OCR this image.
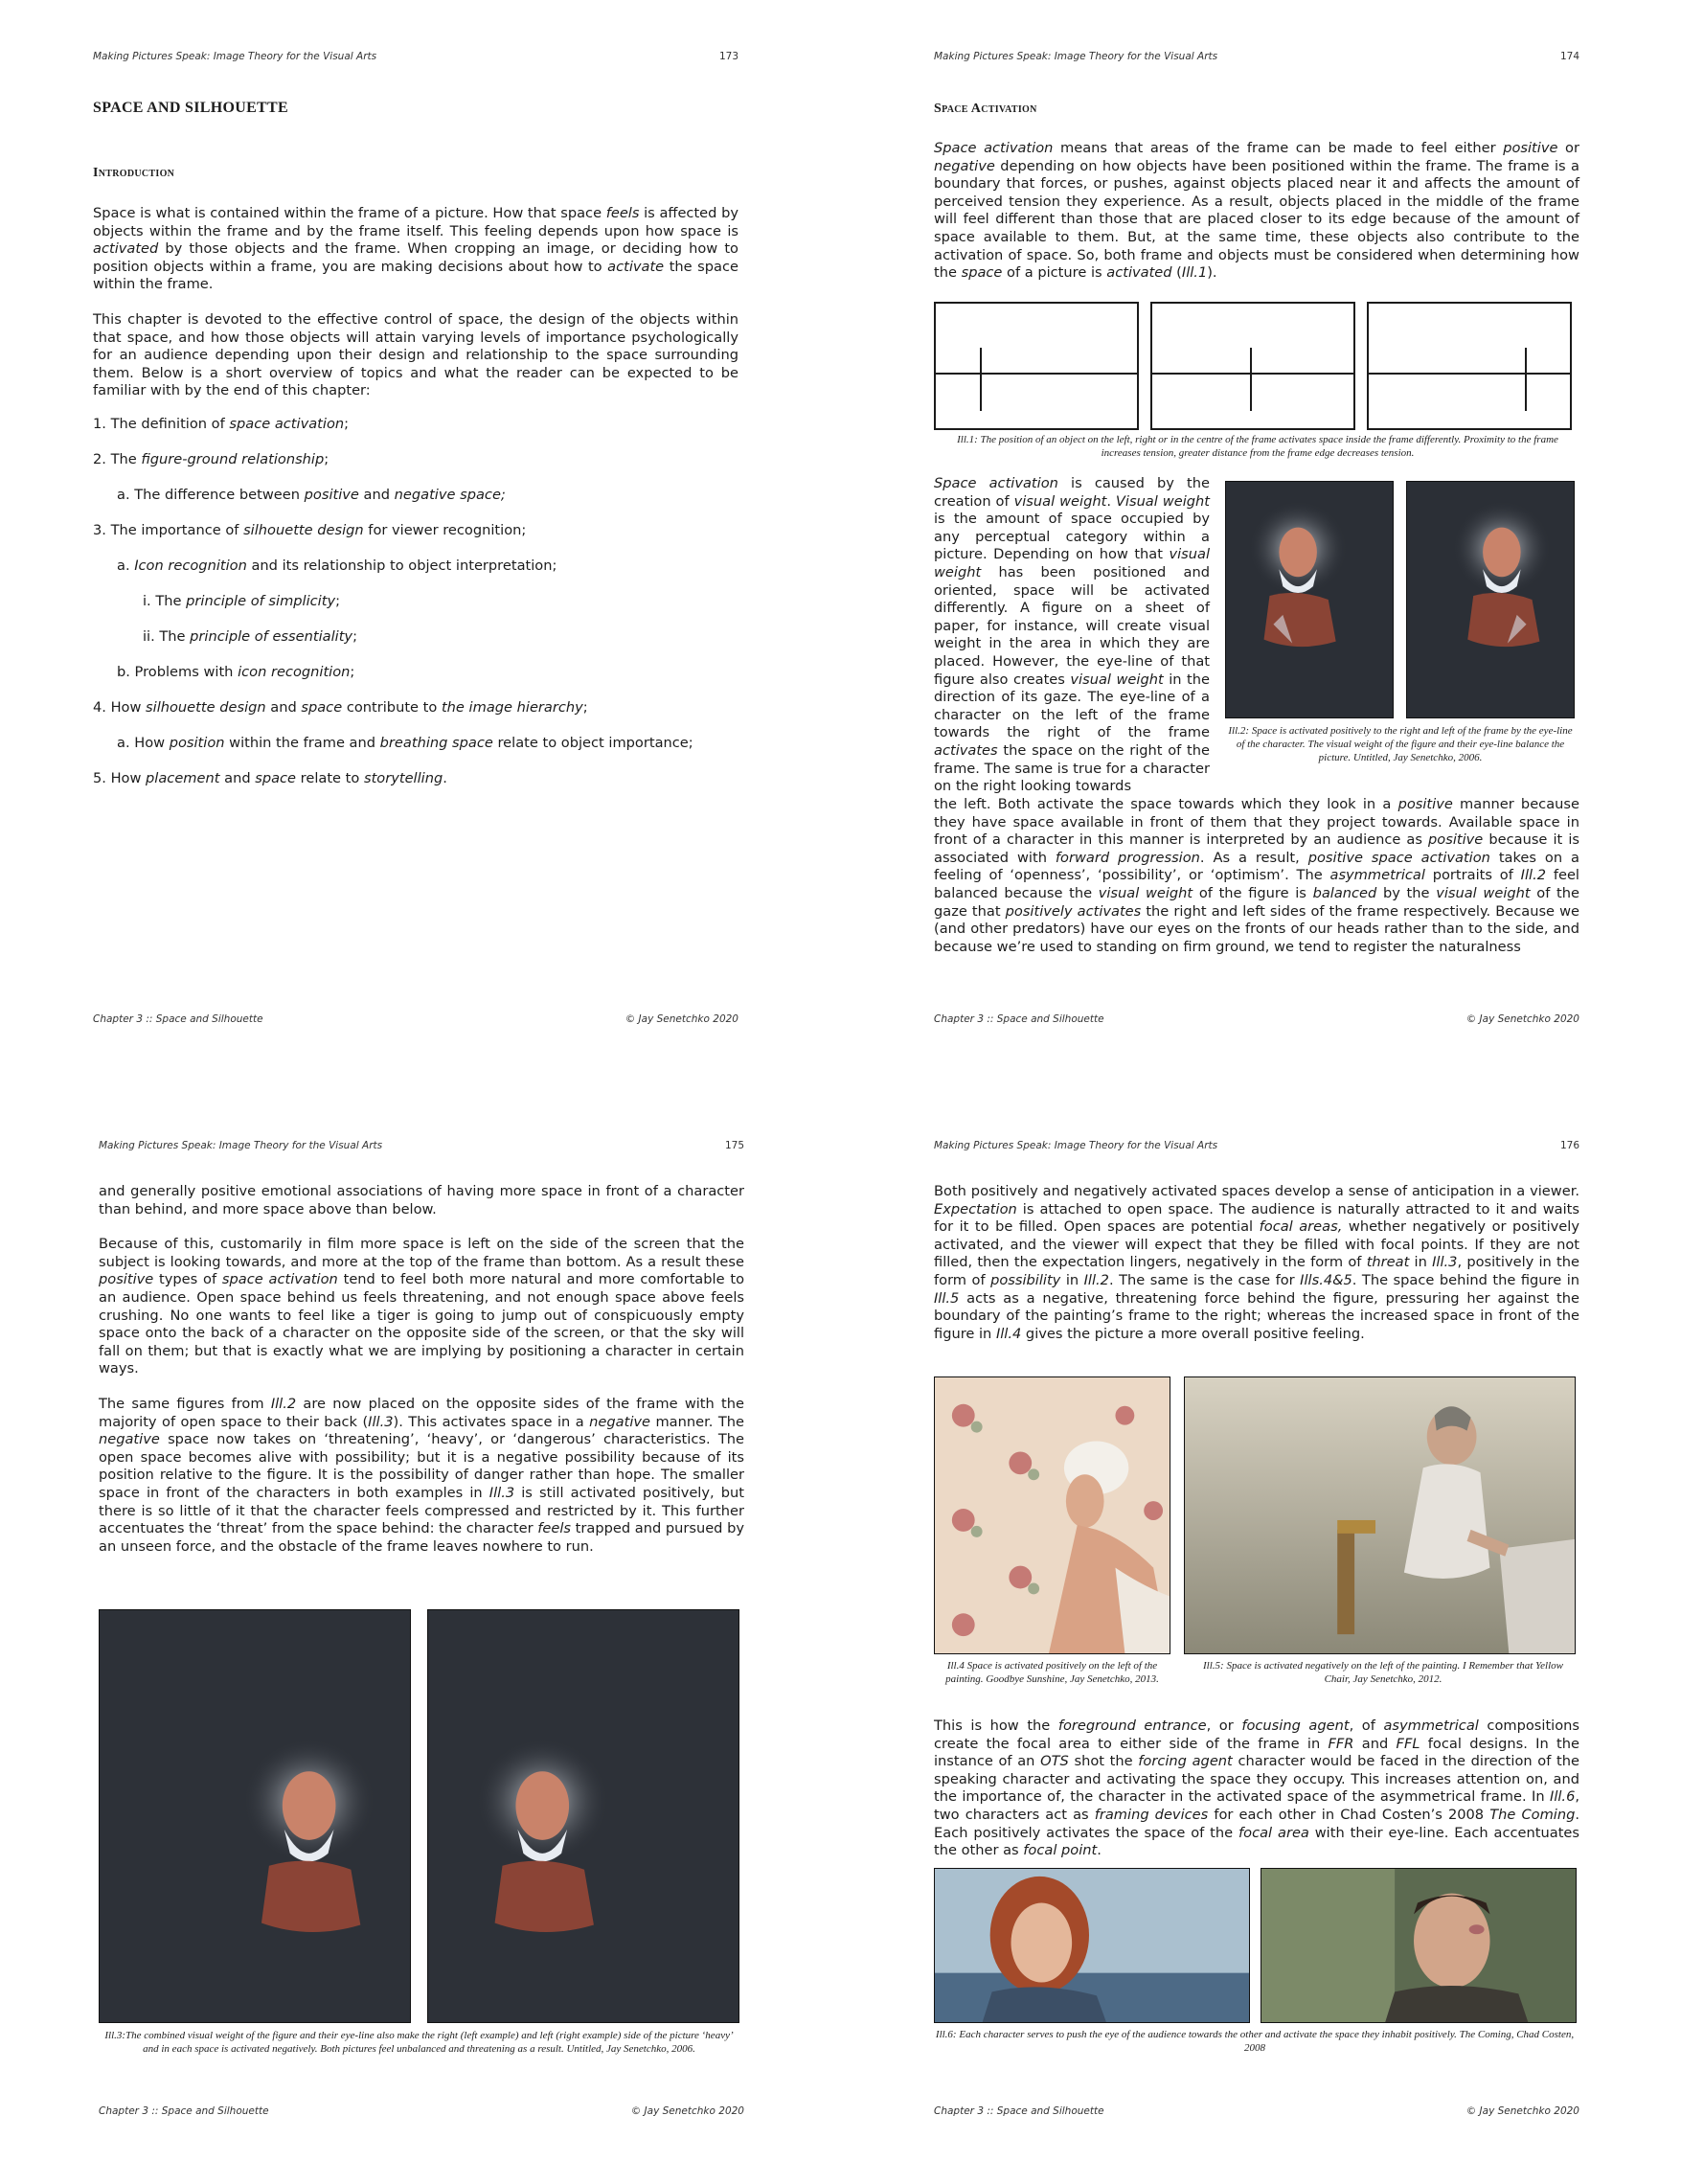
Making Pictures Speak: Image Theory for the Visual Arts	173
SPACE AND SILHOUETTE
Introduction

Space is what is contained within the frame of a picture. How that space feels is affected by objects within the frame and by the frame itself. This feeling depends upon how space is activated by those objects and the frame. When cropping an image, or deciding how to position objects within a frame, you are making decisions about how to activate the space within the frame.

This chapter is devoted to the effective control of space, the design of the objects within that space, and how those objects will attain varying levels of importance psychologically for an audience depending upon their design and relationship to the space surrounding them. Below is a short overview of topics and what the reader can be expected to be familiar with by the end of this chapter:

1. The definition of space activation;
2. The figure-ground relationship;
a. The difference between positive and negative space;
3. The importance of silhouette design for viewer recognition;
a. Icon recognition and its relationship to object interpretation;
i. The principle of simplicity;
ii. The principle of essentiality;
b. Problems with icon recognition;
4. How silhouette design and space contribute to the image hierarchy;
a. How position within the frame and breathing space relate to object importance;
5. How placement and space relate to storytelling.
Chapter 3 :: Space and Silhouette	© Jay Senetchko 2020
Making Pictures Speak: Image Theory for the Visual Arts	174
Space Activation

Space activation means that areas of the frame can be made to feel either positive or negative depending on how objects have been positioned within the frame. The frame is a boundary that forces, or pushes, against objects placed near it and affects the amount of perceived tension they experience. As a result, objects placed in the middle of the frame will feel different than those that are placed closer to its edge because of the amount of space available to them. But, at the same time, these objects also contribute to the activation of space. So, both frame and objects must be considered when determining how the space of a picture is activated (Ill.1).

Ill.1: The position of an object on the left, right or in the centre of the frame activates space inside the frame differently. Proximity to the frame increases tension, greater distance from the frame edge decreases tension.

Space activation is caused by the creation of visual weight. Visual weight is the amount of space occupied by any perceptual category within a picture. Depending on how that visual weight has been positioned and oriented, space will be activated differently. A figure on a sheet of paper, for instance, will create visual weight in the area in which they are placed. However, the eye-line of that figure also creates visual weight in the direction of its gaze. The eye-line of a character on the left of the frame towards the right of the frame activates the space on the right of the frame. The same is true for a character on the right looking towards

Ill.2: Space is activated positively to the right and left of the frame by the eye-line of the character. The visual weight of the figure and their eye-line balance the picture. Untitled, Jay Senetchko, 2006.

the left. Both activate the space towards which they look in a positive manner because they have space available in front of them that they project towards. Available space in front of a character in this manner is interpreted by an audience as positive because it is associated with forward progression. As a result, positive space activation takes on a feeling of ‘openness’, ‘possibility’, or ‘optimism’. The asymmetrical portraits of Ill.2 feel balanced because the visual weight of the figure is balanced by the visual weight of the gaze that positively activates the right and left sides of the frame respectively. Because we (and other predators) have our eyes on the fronts of our heads rather than to the side, and because we’re used to standing on firm ground, we tend to register the naturalness

Chapter 3 :: Space and Silhouette	© Jay Senetchko 2020
Making Pictures Speak: Image Theory for the Visual Arts	175

and generally positive emotional associations of having more space in front of a character than behind, and more space above than below.

Because of this, customarily in film more space is left on the side of the screen that the subject is looking towards, and more at the top of the frame than bottom. As a result these positive types of space activation tend to feel both more natural and more comfortable to an audience. Open space behind us feels threatening, and not enough space above feels crushing. No one wants to feel like a tiger is going to jump out of conspicuously empty space onto the back of a character on the opposite side of the screen, or that the sky will fall on them; but that is exactly what we are implying by positioning a character in certain ways.

The same figures from Ill.2 are now placed on the opposite sides of the frame with the majority of open space to their back (Ill.3). This activates space in a negative manner. The negative space now takes on ‘threatening’, ‘heavy’, or ‘dangerous’ characteristics. The open space becomes alive with possibility; but it is a negative possibility because of its position relative to the figure. It is the possibility of danger rather than hope. The smaller space in front of the characters in both examples in Ill.3 is still activated positively, but there is so little of it that the character feels compressed and restricted by it. This further accentuates the ‘threat’ from the space behind: the character feels trapped and pursued by an unseen force, and the obstacle of the frame leaves nowhere to run.

Ill.3:The combined visual weight of the figure and their eye-line also make the right (left example) and left (right example) side of the picture ‘heavy’ and in each space is activated negatively. Both pictures feel unbalanced and threatening as a result. Untitled, Jay Senetchko, 2006.
Chapter 3 :: Space and Silhouette	© Jay Senetchko 2020
Making Pictures Speak: Image Theory for the Visual Arts	176

Both positively and negatively activated spaces develop a sense of anticipation in a viewer. Expectation is attached to open space. The audience is naturally attracted to it and waits for it to be filled. Open spaces are potential focal areas, whether negatively or positively activated, and the viewer will expect that they be filled with focal points. If they are not filled, then the expectation lingers, negatively in the form of threat in Ill.3, positively in the form of possibility in Ill.2. The same is the case for Ills.4&5. The space behind the figure in Ill.5 acts as a negative, threatening force behind the figure, pressuring her against the boundary of the painting’s frame to the right; whereas the increased space in front of the figure in Ill.4 gives the picture a more overall positive feeling.

Ill.4 Space is activated positively on the left of the painting. Goodbye Sunshine, Jay Senetchko, 2013.
Ill.5: Space is activated negatively on the left of the painting. I Remember that Yellow Chair, Jay Senetchko, 2012.

This is how the foreground entrance, or focusing agent, of asymmetrical compositions create the focal area to either side of the frame in FFR and FFL focal designs. In the instance of an OTS shot the forcing agent character would be faced in the direction of the speaking character and activating the space they occupy. This increases attention on, and the importance of, the character in the activated space of the asymmetrical frame. In Ill.6, two characters act as framing devices for each other in Chad Costen’s 2008 The Coming. Each positively activates the space of the focal area with their eye-line. Each accentuates the other as focal point.

Ill.6: Each character serves to push the eye of the audience towards the other and activate the space they inhabit positively. The Coming, Chad Costen, 2008
Chapter 3 :: Space and Silhouette	© Jay Senetchko 2020
